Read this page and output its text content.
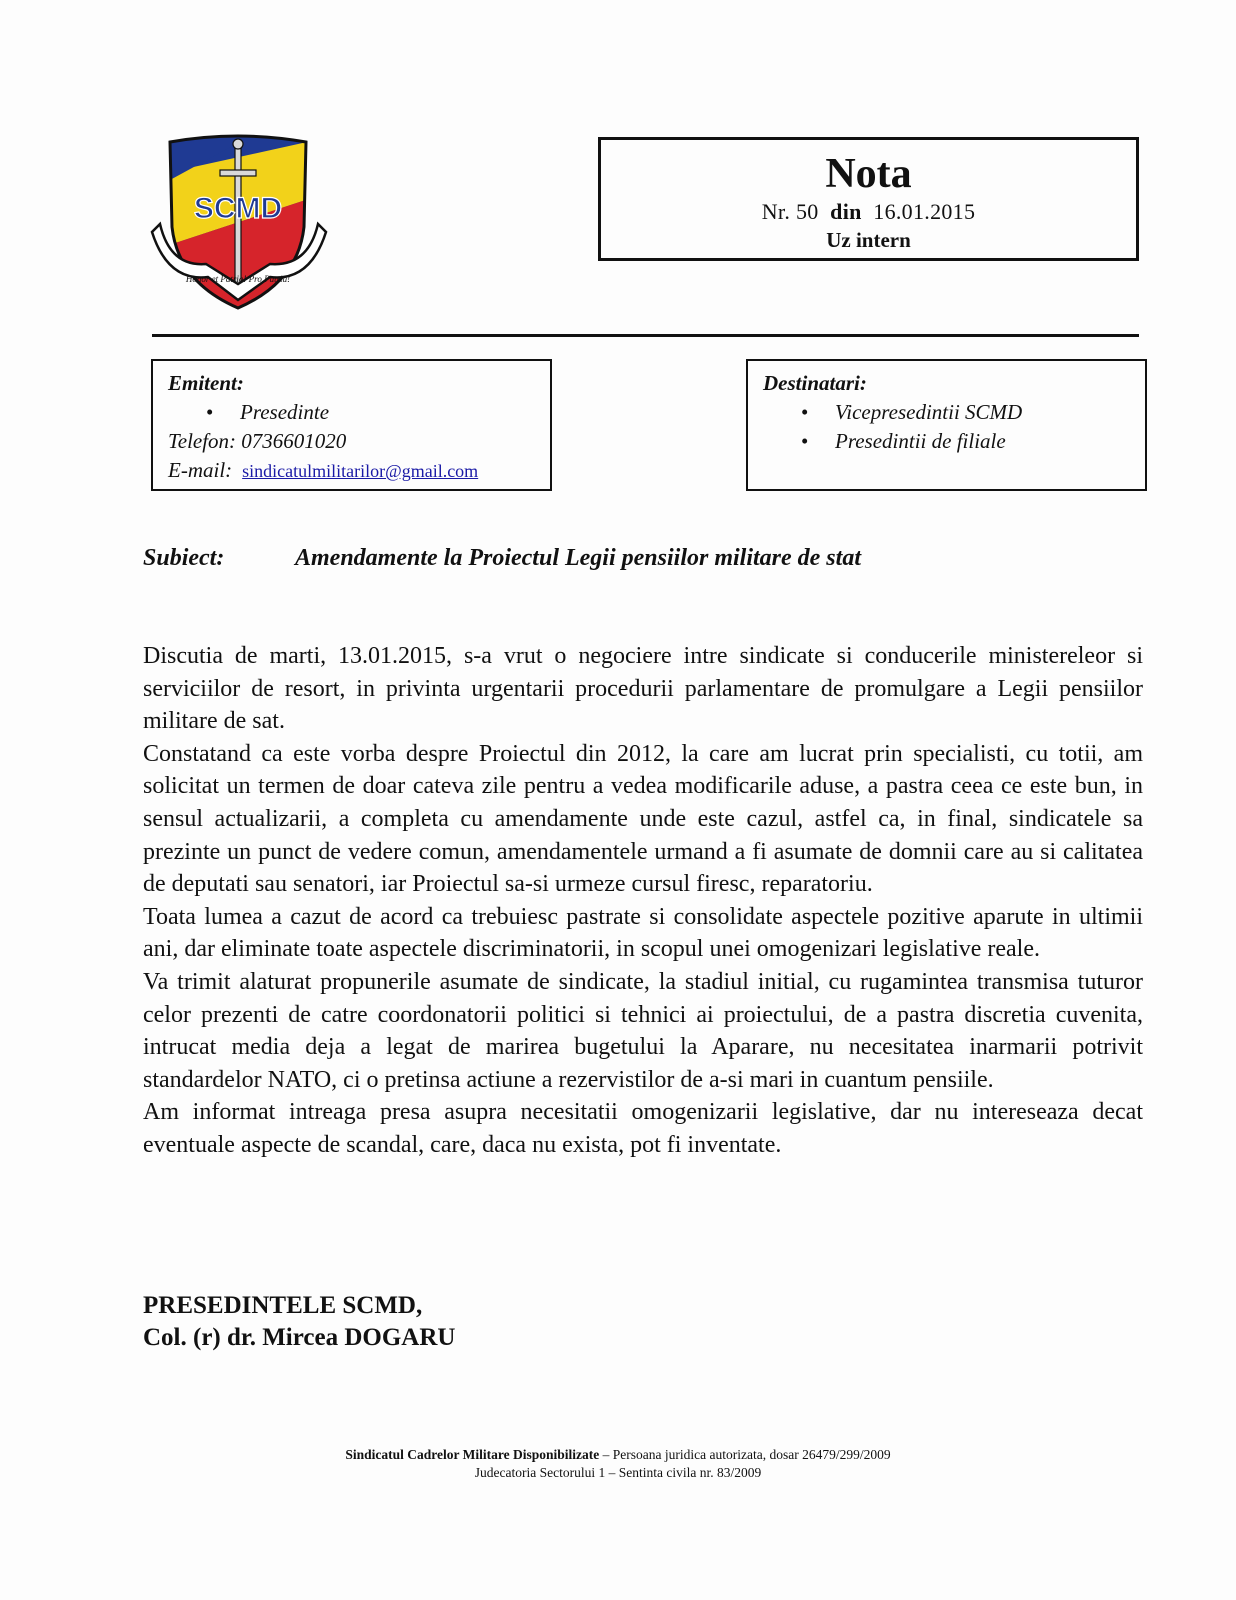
SCMD
Honor et Patria! Pro Patria!
Nota
Nr. 50 din 16.01.2015
Uz intern
Emitent:
• Presedinte
Telefon: 0736601020
E-mail: sindicatulmilitarilor@gmail.com
Destinatari:
• Vicepresedintii SCMD
• Presedintii de filiale
Subiect:	Amendamente la Proiectul Legii pensiilor militare de stat

Discutia de marti, 13.01.2015, s-a vrut o negociere intre sindicate si conducerile ministereleor si serviciilor de resort, in privinta urgentarii procedurii parlamentare de promulgare a Legii pensiilor militare de sat.

Constatand ca este vorba despre Proiectul din 2012, la care am lucrat prin specialisti, cu totii, am solicitat un termen de doar cateva zile pentru a vedea modificarile aduse, a pastra ceea ce este bun, in sensul actualizarii, a completa cu amendamente unde este cazul, astfel ca, in final, sindicatele sa prezinte un punct de vedere comun, amendamentele urmand a fi asumate de domnii care au si calitatea de deputati sau senatori, iar Proiectul sa-si urmeze cursul firesc, reparatoriu.

Toata lumea a cazut de acord ca trebuiesc pastrate si consolidate aspectele pozitive aparute in ultimii ani, dar eliminate toate aspectele discriminatorii, in scopul unei omogenizari legislative reale.

Va trimit alaturat propunerile asumate de sindicate, la stadiul initial, cu rugamintea transmisa tuturor celor prezenti de catre coordonatorii politici si tehnici ai proiectului, de a pastra discretia cuvenita, intrucat media deja a legat de marirea bugetului la Aparare, nu necesitatea inarmarii potrivit standardelor NATO, ci o pretinsa actiune a rezervistilor de a-si mari in cuantum pensiile.

Am informat intreaga presa asupra necesitatii omogenizarii legislative, dar nu intereseaza decat eventuale aspecte de scandal, care, daca nu exista, pot fi inventate.

PRESEDINTELE SCMD,
Col. (r) dr. Mircea DOGARU
Sindicatul Cadrelor Militare Disponibilizate – Persoana juridica autorizata, dosar 26479/299/2009
Judecatoria Sectorului 1 – Sentinta civila nr. 83/2009
